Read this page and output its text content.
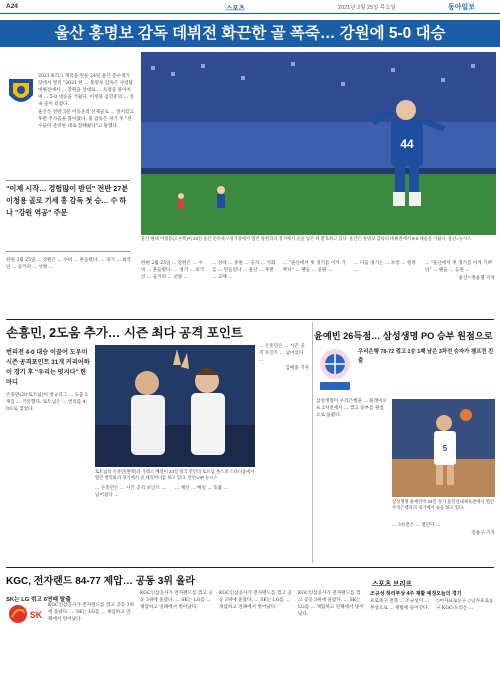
A24	스포츠	2021년 2월 25일 목요일	동아일보
울산 홍명보 감독 데뷔전 화끈한 골 폭죽… 강원에 5-0 대승

2021 K리그 개막을 앞둔 24일 울산 문수경기장에서 열린 "2021 한 ... 홍명보 감독은 사령탑 데뷔전에서 ... 강원을 상대로 ... 득점을 몰아치며 ... 5-0 대승을 거뒀다. 이청용 김민준의 ... 연속 골이 터졌다.

울산은 전반 3분 이동준의 선제골로 ... 앞서갔고 후반 추가골을 몰아쳤다. 홍 감독은 경기 후 "선수들이 준비한 대로 잘해줬다"고 말했다.

"이제 시작… 경험많이 받던" 전반 27분 이청용 골로 기세 흥 감독 첫 승… 수 하나 "강원 역공" 주문

한편 2월 25일 ... 강원은 ... 수비 ... 흔들렸다. ... 경기 ... 외국인 ... 골키퍼 ... 선방 ...

44
울산 현대 이청용(오른쪽)이 24일 울산 문수축구경기장에서 열린 강원과의 경기에서 골을 넣은 뒤 환호하고 있다. 울산은 홍명보 감독의 데뷔전에서 5-0 대승을 거뒀다. 울산=뉴시스

한편 2월 25일 ... 강원은 ... 수비 ... 흔들렸다. ... 경기 ... 외국인 ... 골키퍼 ... 선방 ...

... 상대 ... 중원 ... 공격 ... 기회를 ... 만들었다 ... 울산 ... 후반 ... 교체 ...

... "울산에서 첫 경기를 이겨 기쁘다" ... 팬들 ... 응원 ...

... 다음 경기는 ... 포항 ... 원정 ...

... "울산에서 첫 경기를 이겨 기쁘다" ... 팬들 ... 응원 ...

울산=정윤철 기자

손흥민, 2도움 추가… 시즌 최다 공격 포인트
번리전 4-0 대승 이끌어 도우미 시즌 공격포인트 31개 커리어하이 경기 후 "우리는 멋지다" 한 마디

손흥민(29·토트넘)이 정규리그 ... 도움 2개를 ... 기록했다. 토트넘은 ... 번리를 4-0으로 꺾었다.

토트넘의 손흥민(왼쪽)과 가레스 베일이 24일 영국 런던의 토트넘 홋스퍼 스타디움에서 열린 번리와의 경기에서 골 세리머니를 하고 있다. 런던=AP 뉴시스

... 손흥민은 ... 시즌 공격 포인트 ... 넘어섰다 ...

... 케인 ... 베일 ... 호흡 ...

... 손흥민은 ... 시즌 공격 포인트 ... 넘어섰다 ...

김배중 기자

윤예빈 26득점… 삼성생명 PO 승부 원점으로
우리은행 78-72 꺾고 1승 1패 남은 3차전 승자가 챔프전 진출

삼성생명이 우리은행을 ... 플레이오프 2차전에서 ... 꺾고 승부를 원점으로 돌렸다.

5
삼성생명 윤예빈이 24일 경기 용인실내체육관에서 열린 우리은행과의 경기에서 슛을 하고 있다.

... 3차전은 ... 열린다 ...

강홍구 기자

KGC, 전자랜드 84-77 제압… 공동 3위 올라
SK는 LG 꺾고 6연패 탈출
SK

KGC인삼공사가 전자랜드를 꺾고 공동 3위에 올랐다. ... SK는 LG를 ... 제압하고 연패에서 벗어났다.

KGC인삼공사가 전자랜드를 꺾고 공동 3위에 올랐다. ... SK는 LG를 ... 제압하고 연패에서 벗어났다.

KGC인삼공사가 전자랜드를 꺾고 공동 3위에 올랐다. ... SK는 LG를 ... 제압하고 연패에서 벗어났다.

KGC인삼공사가 전자랜드를 꺾고 공동 3위에 올랐다. ... SK는 LG를 ... 제압하고 연패에서 벗어났다.

스포츠 브리프
조규성 허리부상 4주 재활 예정

프로축구 전북 ... 조규성이 ... 부상으로 ... 재활에 들어간다.

오늘의 경기

◇여자프로농구 ◇남자프로농구 KGC-오리온 ...
